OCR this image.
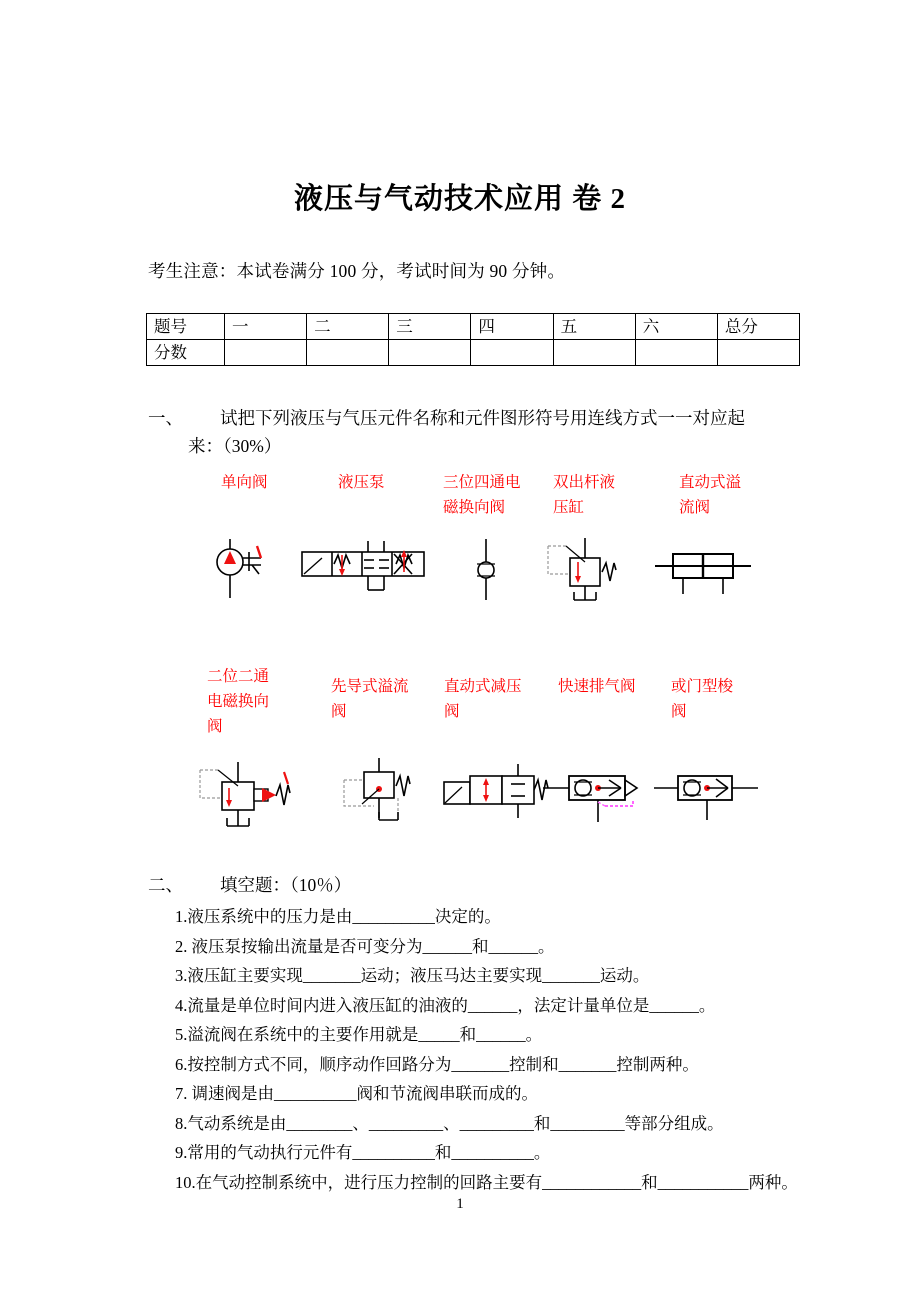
液压与气动技术应用 卷 2
考生注意：本试卷满分 100 分，考试时间为 90 分钟。
题号	一	二	三	四	五	六	总分
分数							
一、 试把下列液压与气压元件名称和元件图形符号用连线方式一一对应起
来：（30%）
单向阀	液压泵	三位四通电磁换向阀
双出杆液压缸
直动式溢流阀
二位二通电磁换向阀
先导式溢流阀
直动式减压阀
快速排气阀	或门型梭阀
二、 填空题：（10％）
1.液压系统中的压力是由__________决定的。
2. 液压泵按输出流量是否可变分为______和______。
3.液压缸主要实现_______运动；液压马达主要实现_______运动。
4.流量是单位时间内进入液压缸的油液的______，法定计量单位是______。
5.溢流阀在系统中的主要作用就是_____和______。
6.按控制方式不同，顺序动作回路分为_______控制和_______控制两种。
7. 调速阀是由__________阀和节流阀串联而成的。
8.气动系统是由________、_________、_________和_________等部分组成。
9.常用的气动执行元件有__________和__________。
10.在气动控制系统中，进行压力控制的回路主要有____________和___________两种。
1
